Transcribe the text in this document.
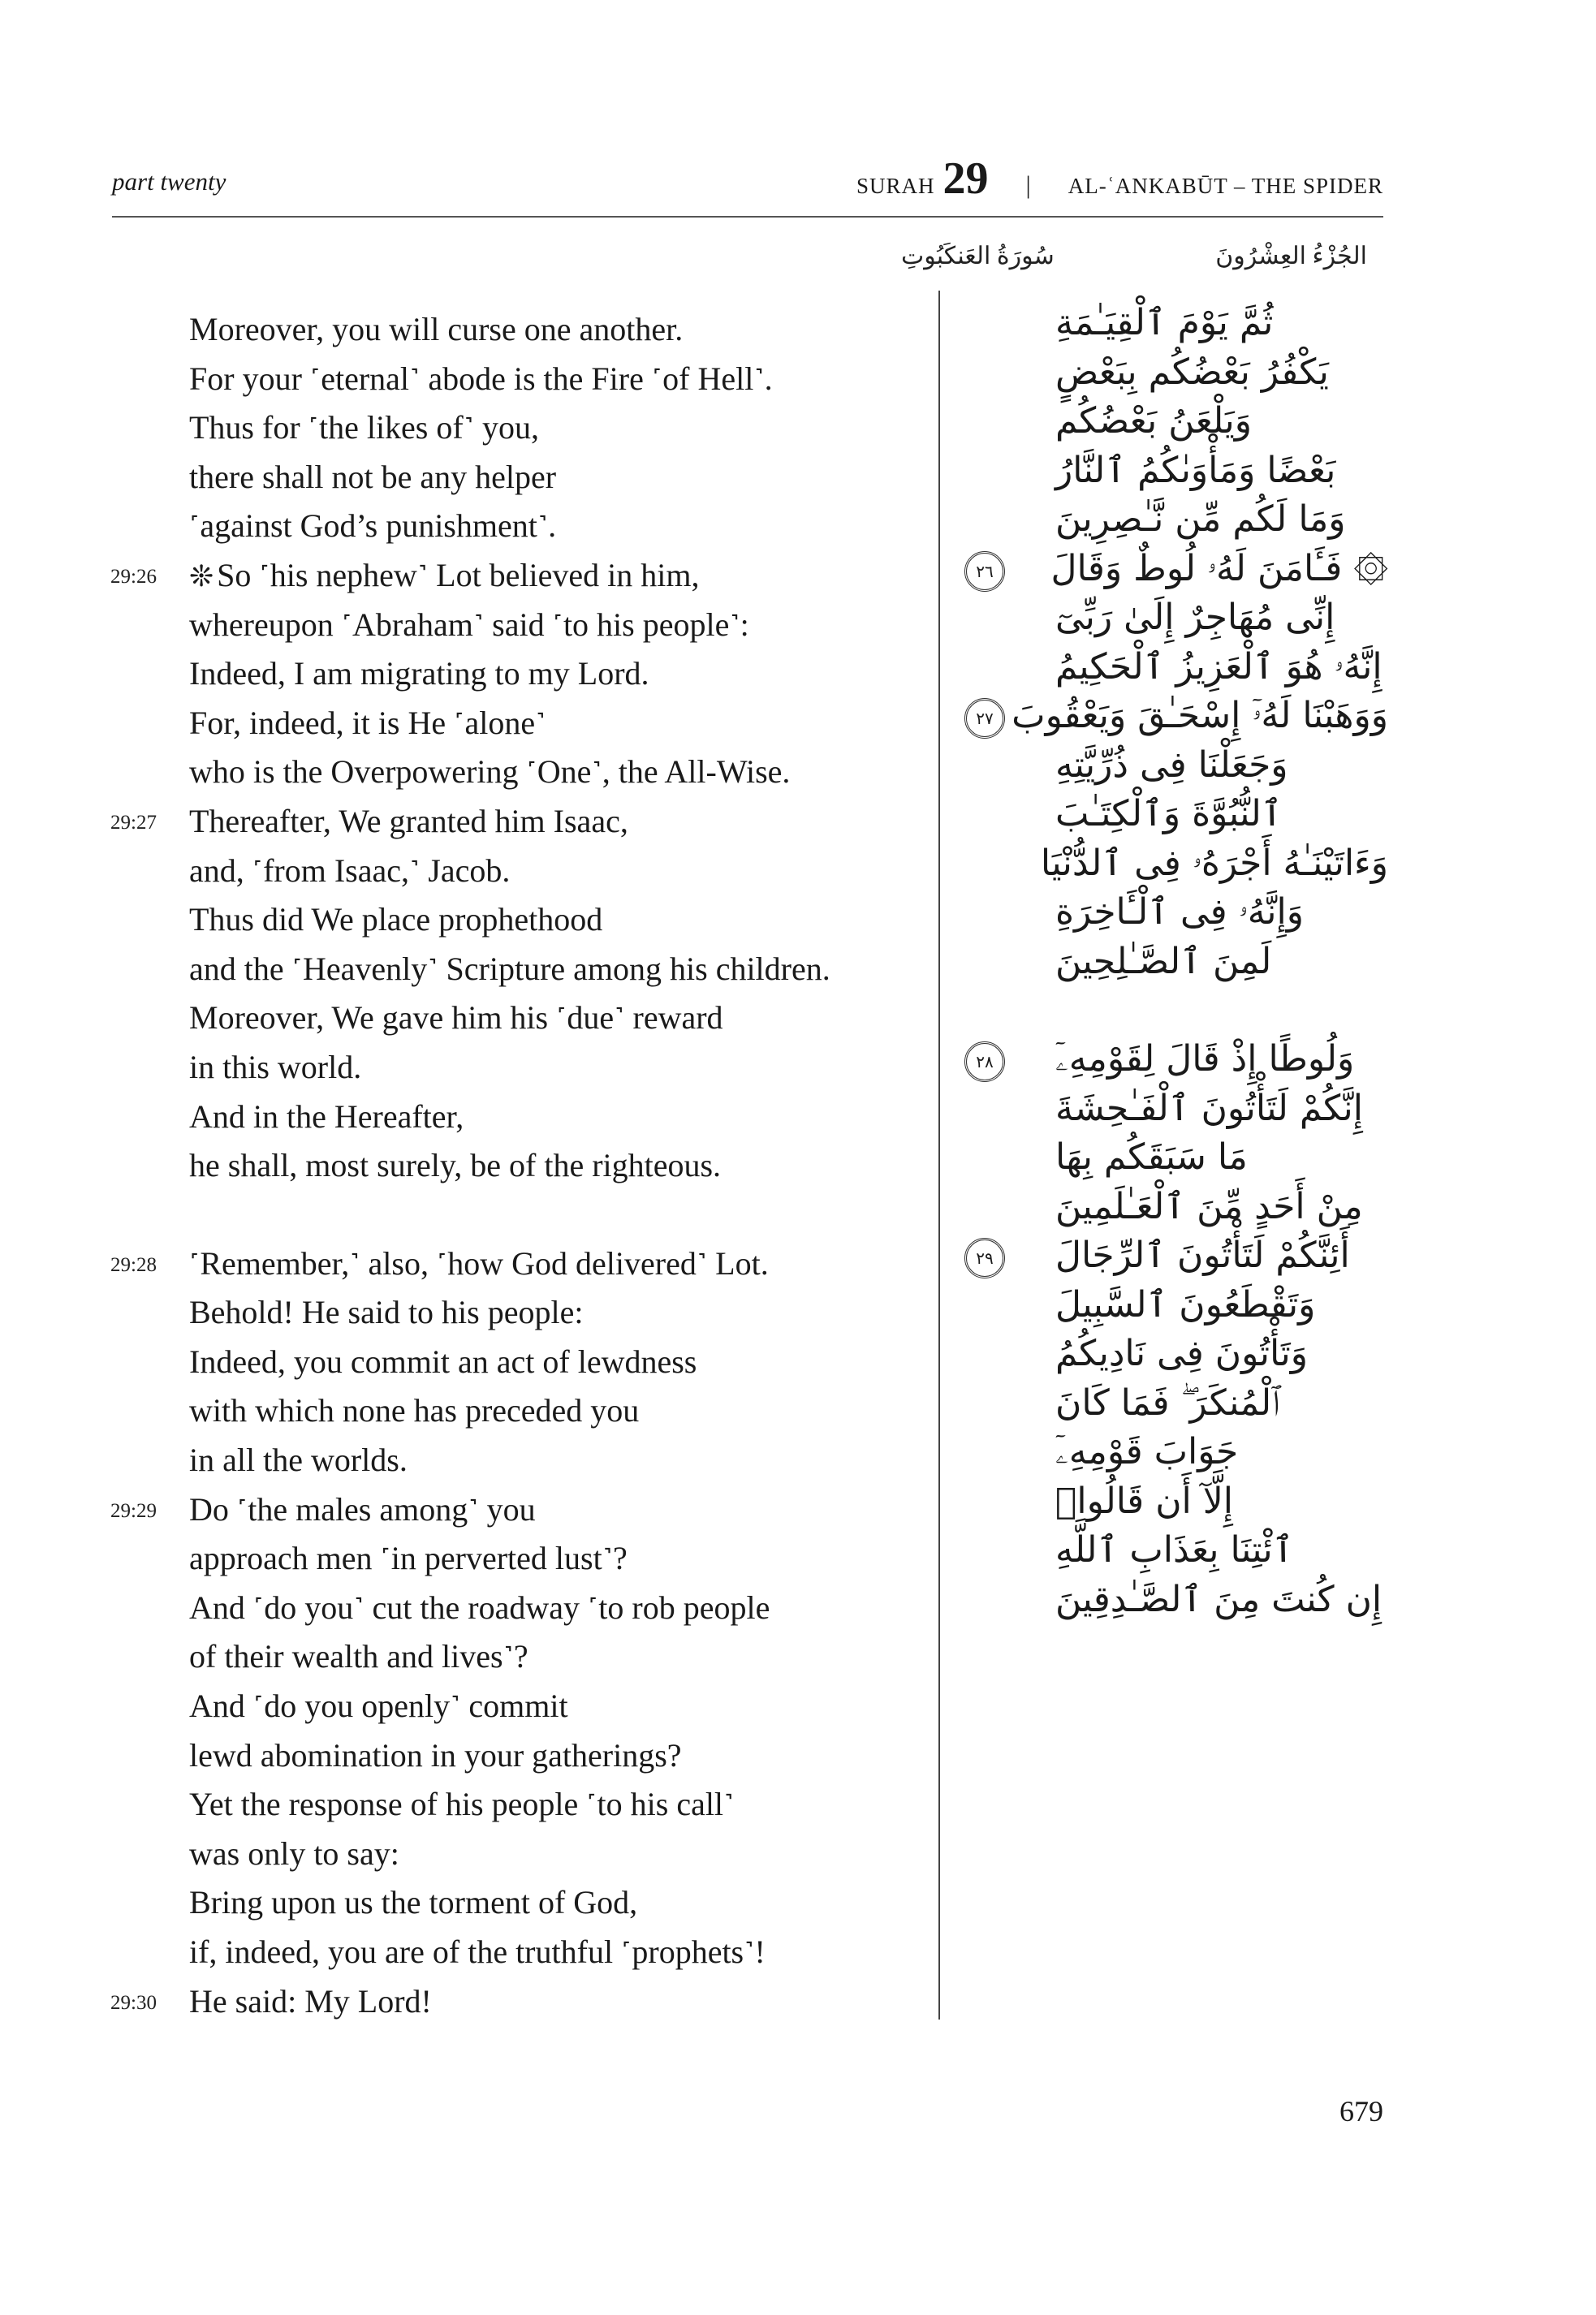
part twenty	SURAH 29 | AL-ʿANKABŪT – THE SPIDER
الجُزْءُ العِشْرُونَ
سُورَةُ العَنكَبُوتِ
Moreover, you will curse one another.
For your ˹eternal˺ abode is the Fire ˹of Hell˺.
Thus for ˹the likes of˺ you,
there shall not be any helper
˹against God’s punishment˺.
29:26 ❊ So ˹his nephew˺ Lot believed in him,
whereupon ˹Abraham˺ said ˹to his people˺:
Indeed, I am migrating to my Lord.
For, indeed, it is He ˹alone˺
who is the Overpowering ˹One˺, the All-Wise.
29:27 Thereafter, We granted him Isaac,
and, ˹from Isaac,˺ Jacob.
Thus did We place prophethood
and the ˹Heavenly˺ Scripture among his children.
Moreover, We gave him his ˹due˺ reward
in this world.
And in the Hereafter,
he shall, most surely, be of the righteous.
29:28 ˹Remember,˺ also, ˹how God delivered˺ Lot.
Behold! He said to his people:
Indeed, you commit an act of lewdness
with which none has preceded you
in all the worlds.
29:29 Do ˹the males among˺ you
approach men ˹in perverted lust˺?
And ˹do you˺ cut the roadway ˹to rob people
of their wealth and lives˺?
And ˹do you openly˺ commit
lewd abomination in your gatherings?
Yet the response of his people ˹to his call˺
was only to say:
Bring upon us the torment of God,
if, indeed, you are of the truthful ˹prophets˺!
29:30 He said: My Lord!
ثُمَّ يَوْمَ ٱلْقِيَـٰمَةِ
يَكْفُرُ بَعْضُكُم بِبَعْضٍ
وَيَلْعَنُ بَعْضُكُم
بَعْضًا وَمَأْوَىٰكُمُ ٱلنَّارُ
وَمَا لَكُم مِّن نَّـٰصِرِينَ
۞ فَـَٔامَنَ لَهُۥ لُوطٌ وَقَالَ
٢٦
إِنِّى مُهَاجِرٌ إِلَىٰ رَبِّىٓ
إِنَّهُۥ هُوَ ٱلْعَزِيزُ ٱلْحَكِيمُ
وَوَهَبْنَا لَهُۥٓ إِسْحَـٰقَ وَيَعْقُوبَ
٢٧
وَجَعَلْنَا فِى ذُرِّيَّتِهِ
ٱلنُّبُوَّةَ وَٱلْكِتَـٰبَ
وَءَاتَيْنَـٰهُ أَجْرَهُۥ فِى ٱلدُّنْيَا
وَإِنَّهُۥ فِى ٱلْـَٔاخِرَةِ
لَمِنَ ٱلصَّـٰلِحِينَ
وَلُوطًا إِذْ قَالَ لِقَوْمِهِۦٓ
٢٨
إِنَّكُمْ لَتَأْتُونَ ٱلْفَـٰحِشَةَ
مَا سَبَقَكُم بِهَا
مِنْ أَحَدٍ مِّنَ ٱلْعَـٰلَمِينَ
أَئِنَّكُمْ لَتَأْتُونَ ٱلرِّجَالَ
٢٩
وَتَقْطَعُونَ ٱلسَّبِيلَ
وَتَأْتُونَ فِى نَادِيكُمُ
ٱلْمُنكَرَ ۖ فَمَا كَانَ
جَوَابَ قَوْمِهِۦٓ
إِلَّآ أَن قَالُوا۟
ٱئْتِنَا بِعَذَابِ ٱللَّهِ
إِن كُنتَ مِنَ ٱلصَّـٰدِقِينَ
679
